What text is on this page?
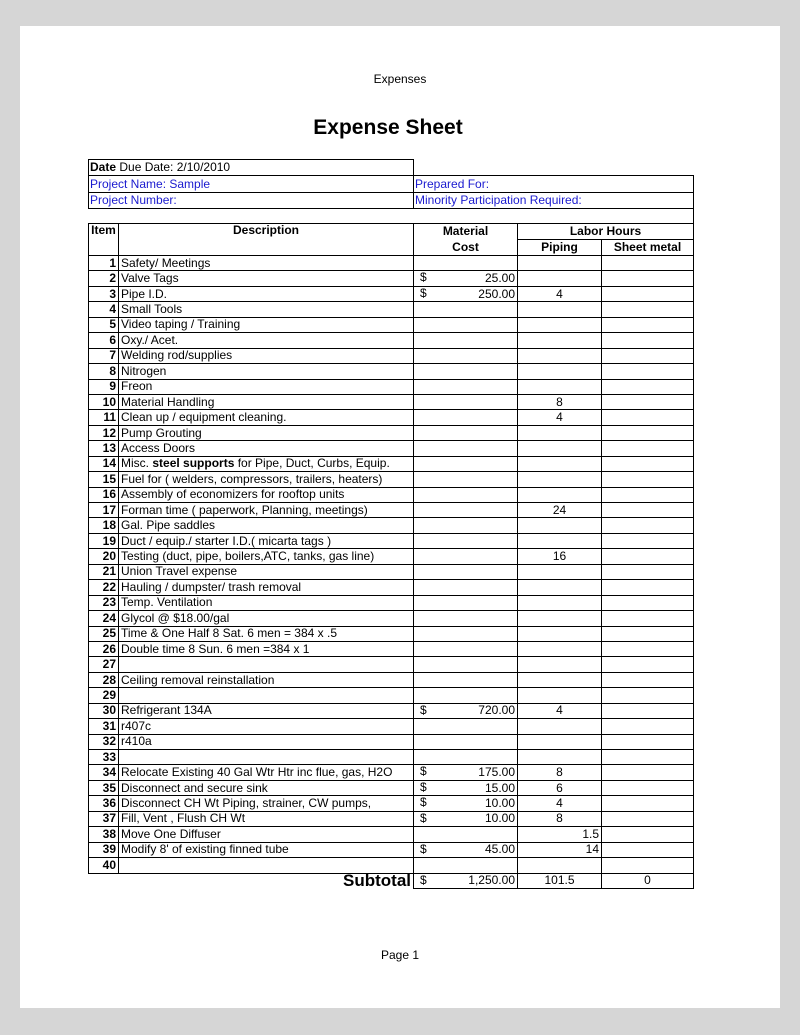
Expenses
Expense Sheet
Date Due Date: 2/10/2010
Project Name: Sample
Project Number:
Prepared For:
Minority Participation Required:
Item	Description	Material	Labor Hours	
		Cost	Piping	Sheet metal
1	Safety/ Meetings	

2	Valve Tags	$ 25.00		
3	Pipe I.D.	$ 250.00	4	
4	Small Tools	

5	Video taping / Training	

6	Oxy./ Acet.	

7	Welding rod/supplies	

8	Nitrogen	

9	Freon	

10	Material Handling		8	
11	Clean up / equipment cleaning.		4	
12	Pump Grouting	

13	Access Doors	

14	Misc. steel supports for Pipe, Duct, Curbs, Equip.	

15	Fuel for ( welders, compressors, trailers, heaters)	

16	Assembly of economizers for rooftop units	

17	Forman time ( paperwork, Planning, meetings)		24	
18	Gal. Pipe saddles	

19	Duct / equip./ starter I.D.( micarta tags )	

20	Testing (duct, pipe, boilers,ATC, tanks, gas line)		16	
21	Union Travel expense	

22	Hauling / dumpster/ trash removal	

23	Temp. Ventilation	

24	Glycol @ $18.00/gal	

25	Time & One Half 8 Sat. 6 men = 384 x .5	

26	Double time 8 Sun. 6 men =384 x 1	

27		

28	Ceiling removal reinstallation	

29		

30	Refrigerant 134A	$ 720.00	4	
31	r407c	

32	r410a	

33		

34	Relocate Existing 40 Gal Wtr Htr inc flue, gas, H2O	$ 175.00	8	
35	Disconnect and secure sink	$ 15.00	6	
36	Disconnect CH Wt Piping, strainer, CW pumps,	$ 10.00	4	
37	Fill, Vent , Flush CH Wt	$ 10.00	8	
38	Move One Diffuser		1.5	
39	Modify 8' of existing finned tube	$ 45.00	14	
40		

Subtotal		$ 1,250.00	101.5	0
Page 1
